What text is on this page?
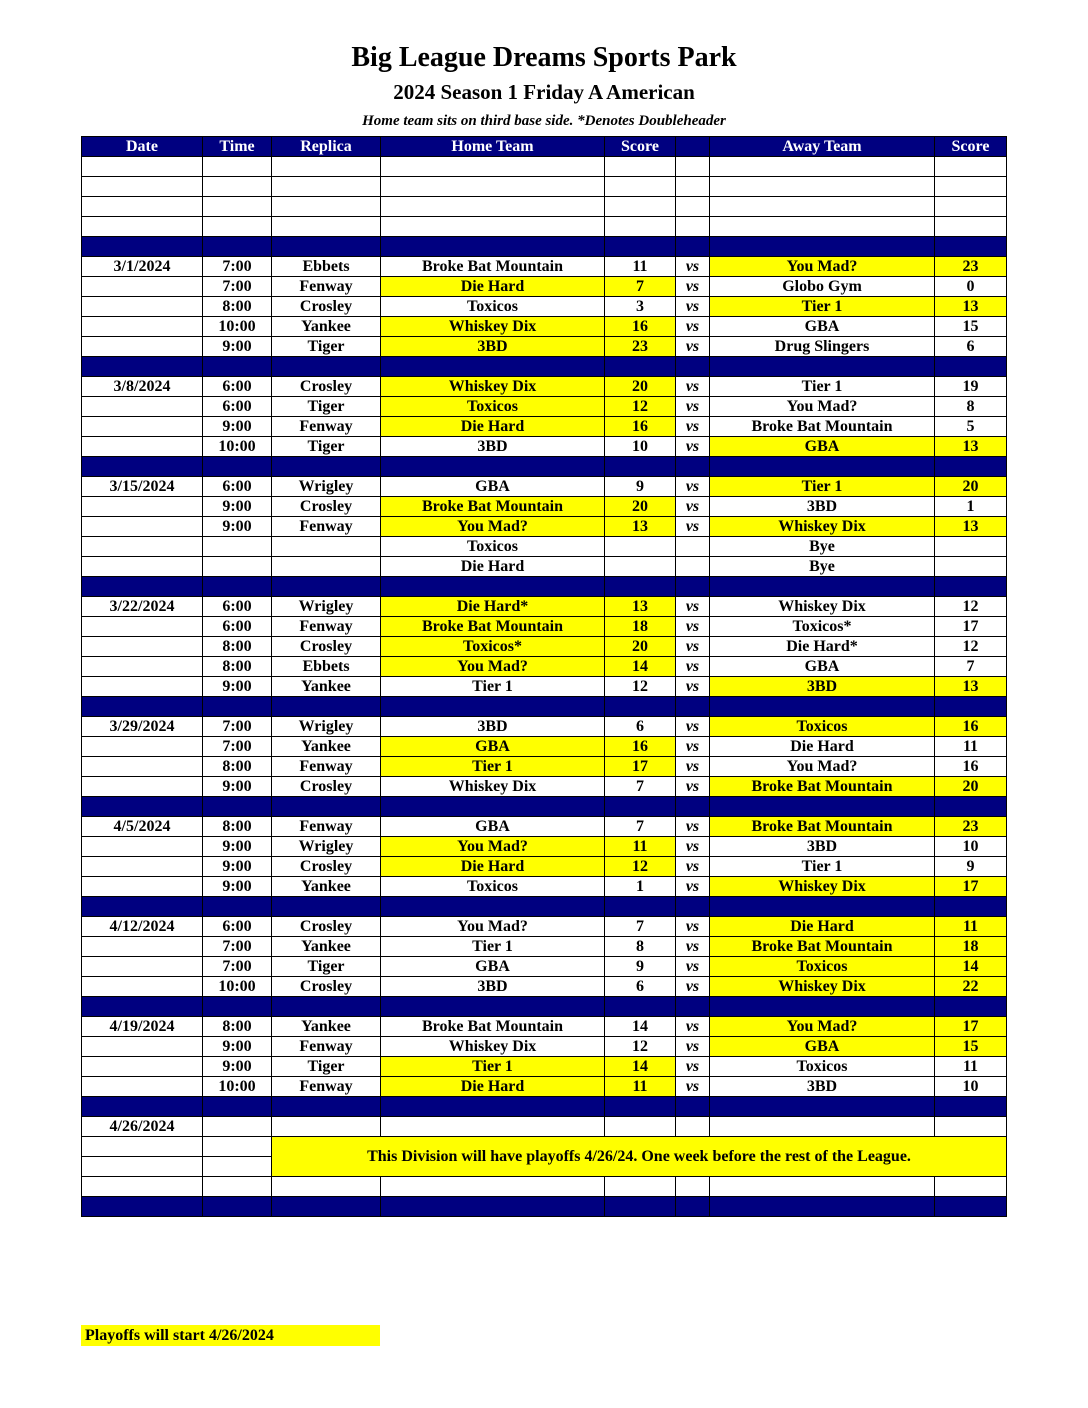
Big League Dreams Sports Park
2024 Season 1 Friday A American
Home team sits on third base side. *Denotes Doubleheader
Date	Time	Replica	Home Team	Score		Away Team	Score

3/1/2024	7:00	Ebbets	Broke Bat Mountain	11	vs	You Mad?	23
	7:00	Fenway	Die Hard	7	vs	Globo Gym	0
	8:00	Crosley	Toxicos	3	vs	Tier 1	13
	10:00	Yankee	Whiskey Dix	16	vs	GBA	15
	9:00	Tiger	3BD	23	vs	Drug Slingers	6

3/8/2024	6:00	Crosley	Whiskey Dix	20	vs	Tier 1	19
	6:00	Tiger	Toxicos	12	vs	You Mad?	8
	9:00	Fenway	Die Hard	16	vs	Broke Bat Mountain	5
	10:00	Tiger	3BD	10	vs	GBA	13

3/15/2024	6:00	Wrigley	GBA	9	vs	Tier 1	20
	9:00	Crosley	Broke Bat Mountain	20	vs	3BD	1
	9:00	Fenway	You Mad?	13	vs	Whiskey Dix	13
			Toxicos			Bye	
			Die Hard			Bye	

3/22/2024	6:00	Wrigley	Die Hard*	13	vs	Whiskey Dix	12
	6:00	Fenway	Broke Bat Mountain	18	vs	Toxicos*	17
	8:00	Crosley	Toxicos*	20	vs	Die Hard*	12
	8:00	Ebbets	You Mad?	14	vs	GBA	7
	9:00	Yankee	Tier 1	12	vs	3BD	13

3/29/2024	7:00	Wrigley	3BD	6	vs	Toxicos	16
	7:00	Yankee	GBA	16	vs	Die Hard	11
	8:00	Fenway	Tier 1	17	vs	You Mad?	16
	9:00	Crosley	Whiskey Dix	7	vs	Broke Bat Mountain	20

4/5/2024	8:00	Fenway	GBA	7	vs	Broke Bat Mountain	23
	9:00	Wrigley	You Mad?	11	vs	3BD	10
	9:00	Crosley	Die Hard	12	vs	Tier 1	9
	9:00	Yankee	Toxicos	1	vs	Whiskey Dix	17

4/12/2024	6:00	Crosley	You Mad?	7	vs	Die Hard	11
	7:00	Yankee	Tier 1	8	vs	Broke Bat Mountain	18
	7:00	Tiger	GBA	9	vs	Toxicos	14
	10:00	Crosley	3BD	6	vs	Whiskey Dix	22

4/19/2024	8:00	Yankee	Broke Bat Mountain	14	vs	You Mad?	17
	9:00	Fenway	Whiskey Dix	12	vs	GBA	15
	9:00	Tiger	Tier 1	14	vs	Toxicos	11
	10:00	Fenway	Die Hard	11	vs	3BD	10

4/26/2024							
		This Division will have playoffs 4/26/24. One week before the rest of the League.					

Playoffs will start 4/26/2024
